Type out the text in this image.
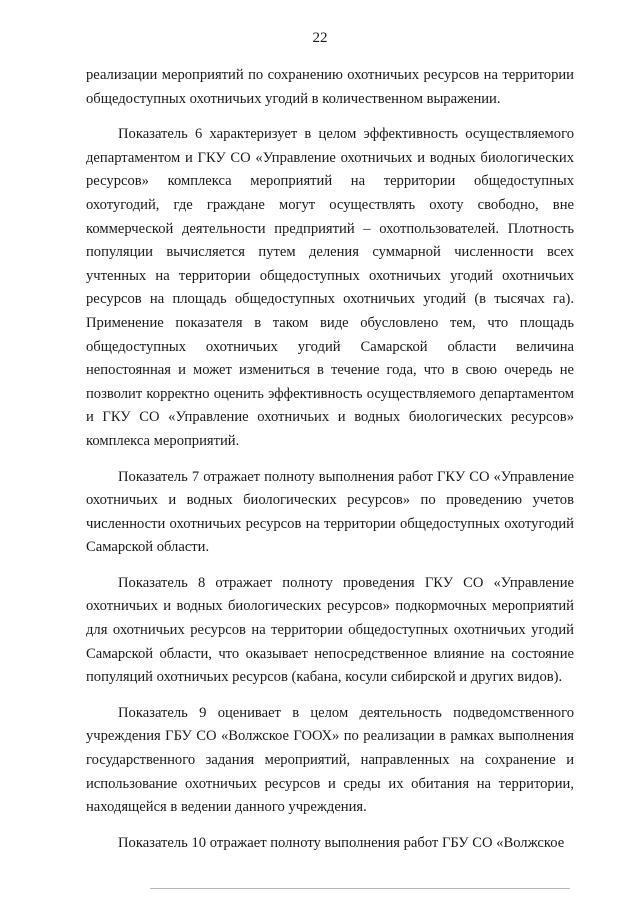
22

реализации мероприятий по сохранению охотничьих ресурсов на территории общедоступных охотничьих угодий в количественном выражении.

Показатель 6 характеризует в целом эффективность осуществляемого департаментом и ГКУ СО «Управление охотничьих и водных биологических ресурсов» комплекса мероприятий на территории общедоступных охотугодий, где граждане могут осуществлять охоту свободно, вне коммерческой деятельности предприятий – охотпользователей. Плотность популяции вычисляется путем деления суммарной численности всех учтенных на территории общедоступных охотничьих угодий охотничьих ресурсов на площадь общедоступных охотничьих угодий (в тысячах га). Применение показателя в таком виде обусловлено тем, что площадь общедоступных охотничьих угодий Самарской области величина непостоянная и может измениться в течение года, что в свою очередь не позволит корректно оценить эффективность осуществляемого департаментом и ГКУ СО «Управление охотничьих и водных биологических ресурсов» комплекса мероприятий.

Показатель 7 отражает полноту выполнения работ ГКУ СО «Управление охотничьих и водных биологических ресурсов» по проведению учетов численности охотничьих ресурсов на территории общедоступных охотугодий Самарской области.

Показатель 8 отражает полноту проведения ГКУ СО «Управление охотничьих и водных биологических ресурсов» подкормочных мероприятий для охотничьих ресурсов на территории общедоступных охотничьих угодий Самарской области, что оказывает непосредственное влияние на состояние популяций охотничьих ресурсов (кабана, косули сибирской и других видов).

Показатель 9 оценивает в целом деятельность подведомственного учреждения ГБУ СО «Волжское ГООХ» по реализации в рамках выполнения государственного задания мероприятий, направленных на сохранение и использование охотничьих ресурсов и среды их обитания на территории, находящейся в ведении данного учреждения.

Показатель 10 отражает полноту выполнения работ ГБУ СО «Волжское
